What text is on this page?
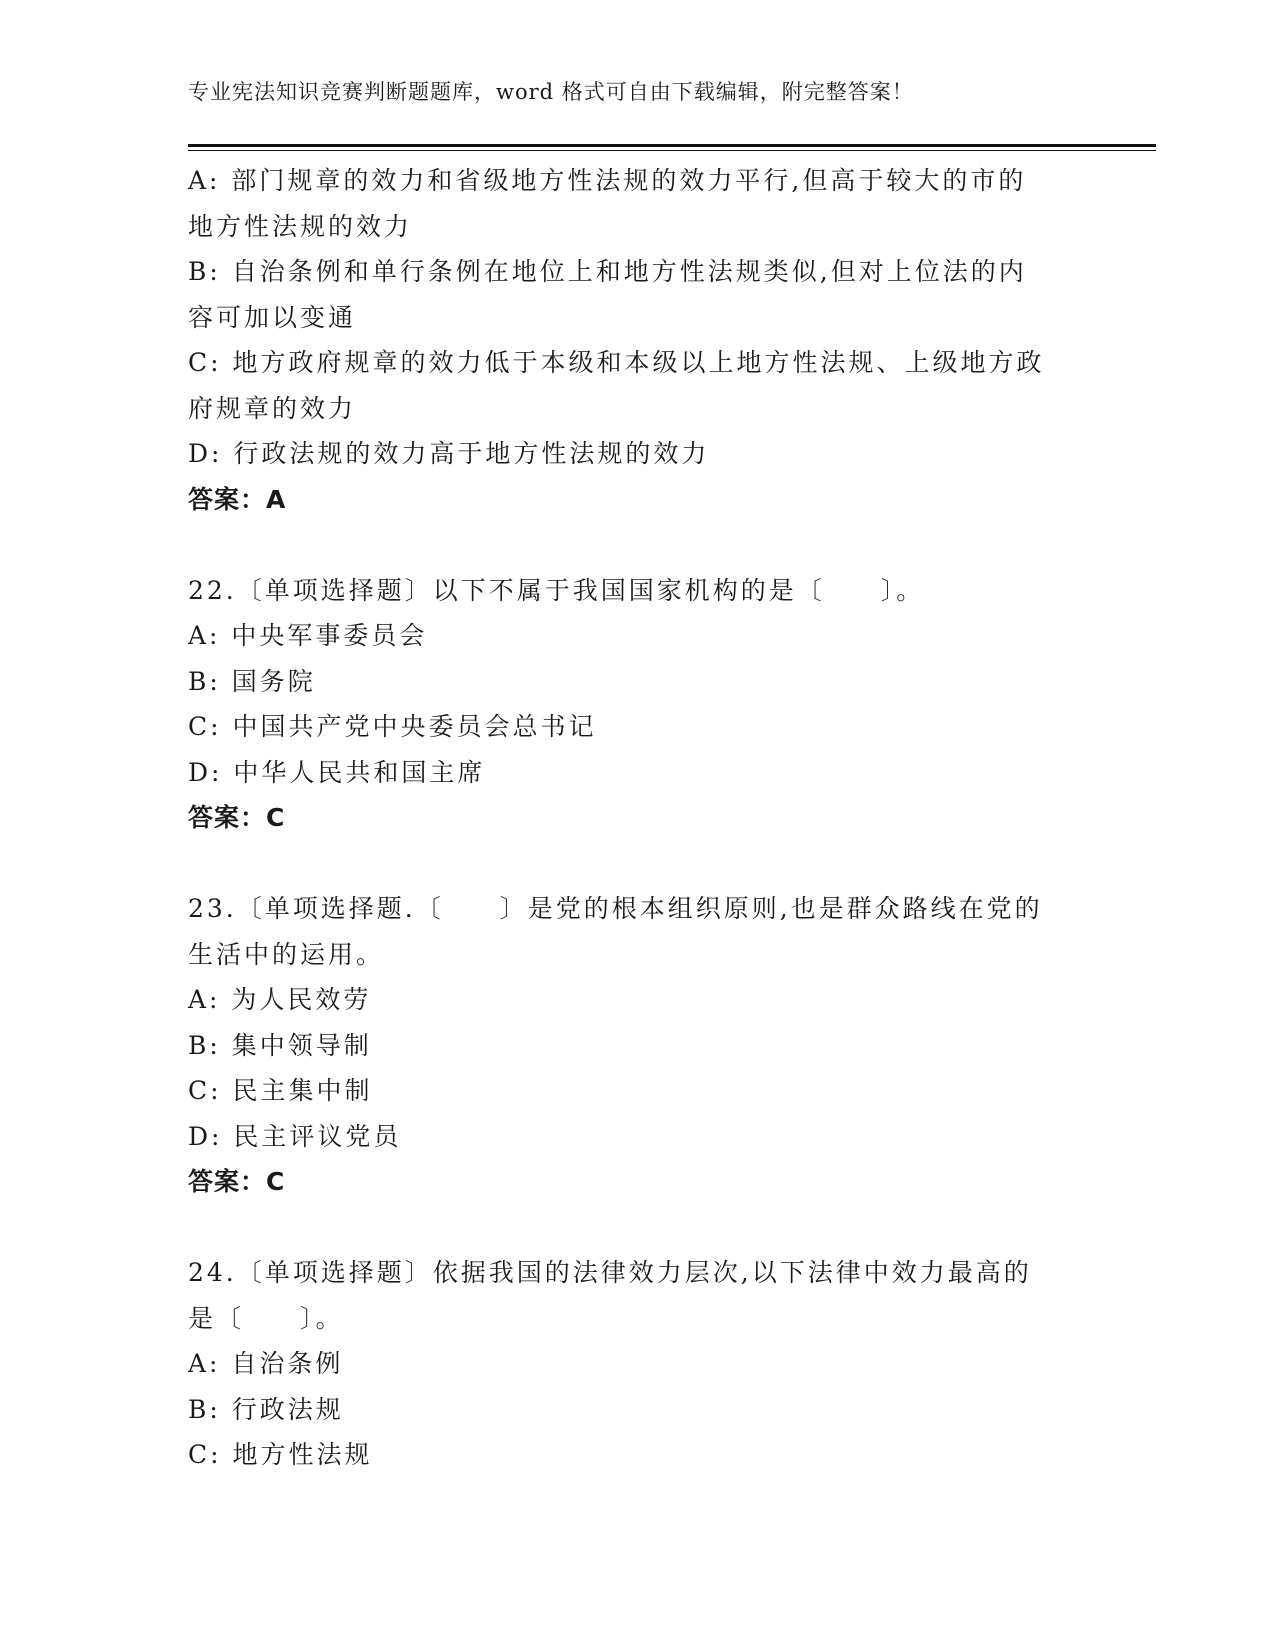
专业宪法知识竞赛判断题题库，word 格式可自由下载编辑，附完整答案！
A: 部门规章的效力和省级地方性法规的效力平行,但高于较大的市的
地方性法规的效力
B: 自治条例和单行条例在地位上和地方性法规类似,但对上位法的内
容可加以变通
C: 地方政府规章的效力低于本级和本级以上地方性法规、上级地方政
府规章的效力
D: 行政法规的效力高于地方性法规的效力
答案：A
22.〔单项选择题〕以下不属于我国国家机构的是〔　　〕。
A: 中央军事委员会
B: 国务院
C: 中国共产党中央委员会总书记
D: 中华人民共和国主席
答案：C
23.〔单项选择题.〔　　〕是党的根本组织原则,也是群众路线在党的
生活中的运用。
A: 为人民效劳
B: 集中领导制
C: 民主集中制
D: 民主评议党员
答案：C
24.〔单项选择题〕依据我国的法律效力层次,以下法律中效力最高的
是〔　　〕。
A: 自治条例
B: 行政法规
C: 地方性法规
